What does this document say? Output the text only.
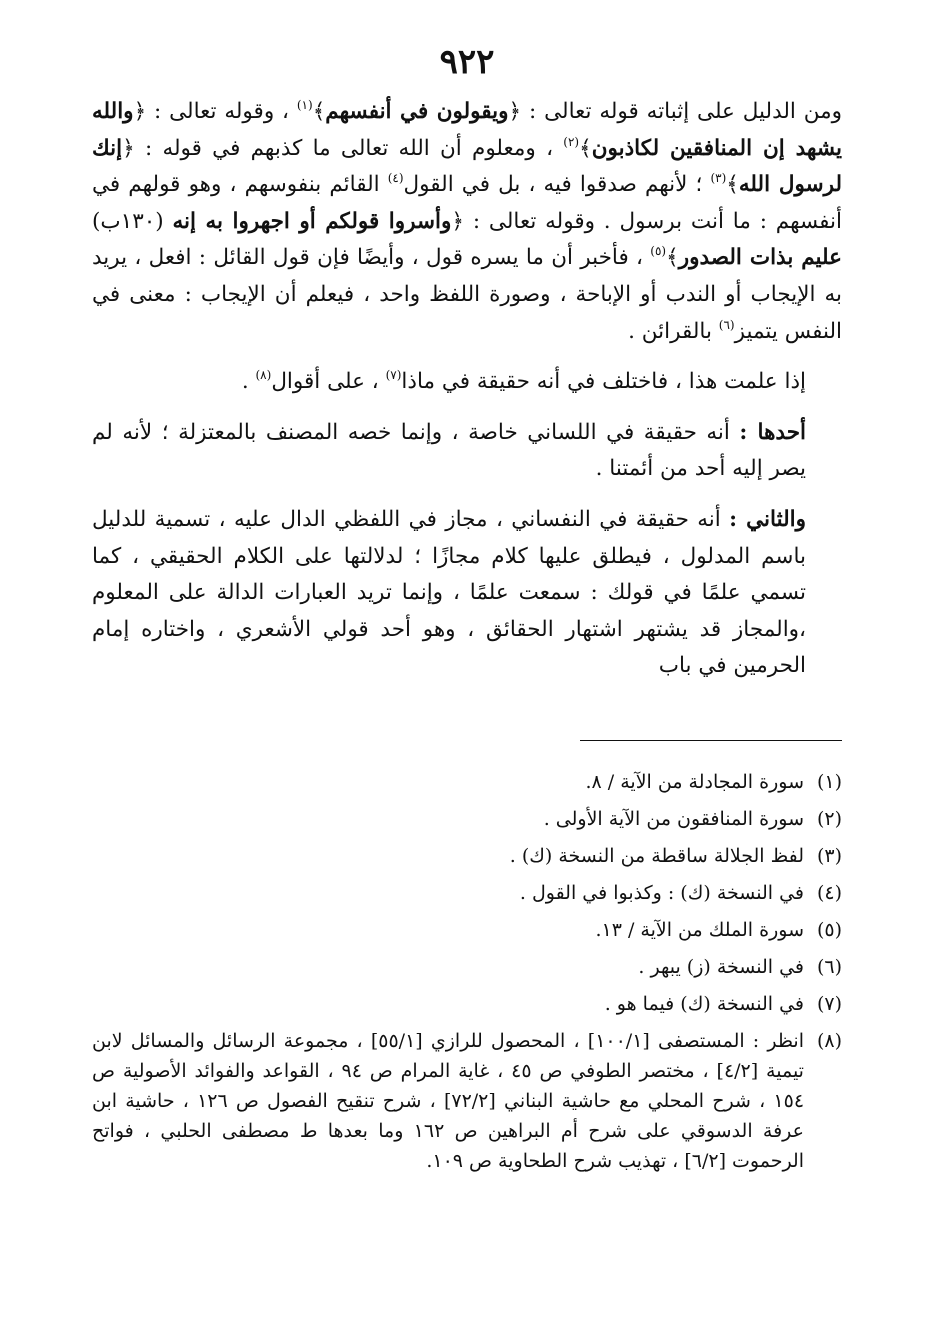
٩٢٢

ومن الدليل على إثباته قوله تعالى : ﴿ويقولون في أنفسهم﴾$^{(١)}$ ، وقوله تعالى : ﴿والله يشهد إن المنافقين لكاذبون﴾$^{(٢)}$ ، ومعلوم أن الله تعالى ما كذبهم في قوله : ﴿إنك لرسول الله﴾$^{(٣)}$ ؛ لأنهم صدقوا فيه ، بل في القول$^{(٤)}$ القائم بنفوسهم ، وهو قولهم في أنفسهم : ما أنت برسول . وقوله تعالى : ﴿وأسروا قولكم أو اجهروا به إنه (١٣٠ب) عليم بذات الصدور﴾$^{(٥)}$ ، فأخبر أن ما يسره قول ، وأيضًا فإن قول القائل : افعل ، يريد به الإيجاب أو الندب أو الإباحة ، وصورة اللفظ واحد ، فيعلم أن الإيجاب : معنى في النفس يتميز$^{(٦)}$ بالقرائن .

إذا علمت هذا ، فاختلف في أنه حقيقة في ماذا$^{(٧)}$ ، على أقوال$^{(٨)}$ .

أحدها : أنه حقيقة في اللساني خاصة ، وإنما خصه المصنف بالمعتزلة ؛ لأنه لم يصر إليه أحد من أئمتنا .

والثاني : أنه حقيقة في النفساني ، مجاز في اللفظي الدال عليه ، تسمية للدليل باسم المدلول ، فيطلق عليها كلام مجازًا ؛ لدلالتها على الكلام الحقيقي ، كما تسمي علمًا في قولك : سمعت علمًا ، وإنما تريد العبارات الدالة على المعلوم ،والمجاز قد يشتهر اشتهار الحقائق ، وهو أحد قولي الأشعري ، واختاره إمام الحرمين في باب

(١)
سورة المجادلة من الآية / ٨.
(٢)
سورة المنافقون من الآية الأولى .
(٣)
لفظ الجلالة ساقطة من النسخة (ك) .
(٤)
في النسخة (ك) : وكذبوا في القول .
(٥)
سورة الملك من الآية / ١٣.
(٦)
في النسخة (ز) يبهر .
(٧)
في النسخة (ك) فيما هو .
(٨)
انظر : المستصفى [١٠٠/١] ، المحصول للرازي [٥٥/١] ، مجموعة الرسائل والمسائل لابن تيمية [٤/٢] ، مختصر الطوفي ص ٤٥ ، غاية المرام ص ٩٤ ، القواعد والفوائد الأصولية ص ١٥٤ ، شرح المحلي مع حاشية البناني [٧٢/٢] ، شرح تنقيح الفصول ص ١٢٦ ، حاشية ابن عرفة الدسوقي على شرح أم البراهين ص ١٦٢ وما بعدها ط مصطفى الحلبي ، فواتح الرحموت [٦/٢] ، تهذيب شرح الطحاوية ص ١٠٩.
